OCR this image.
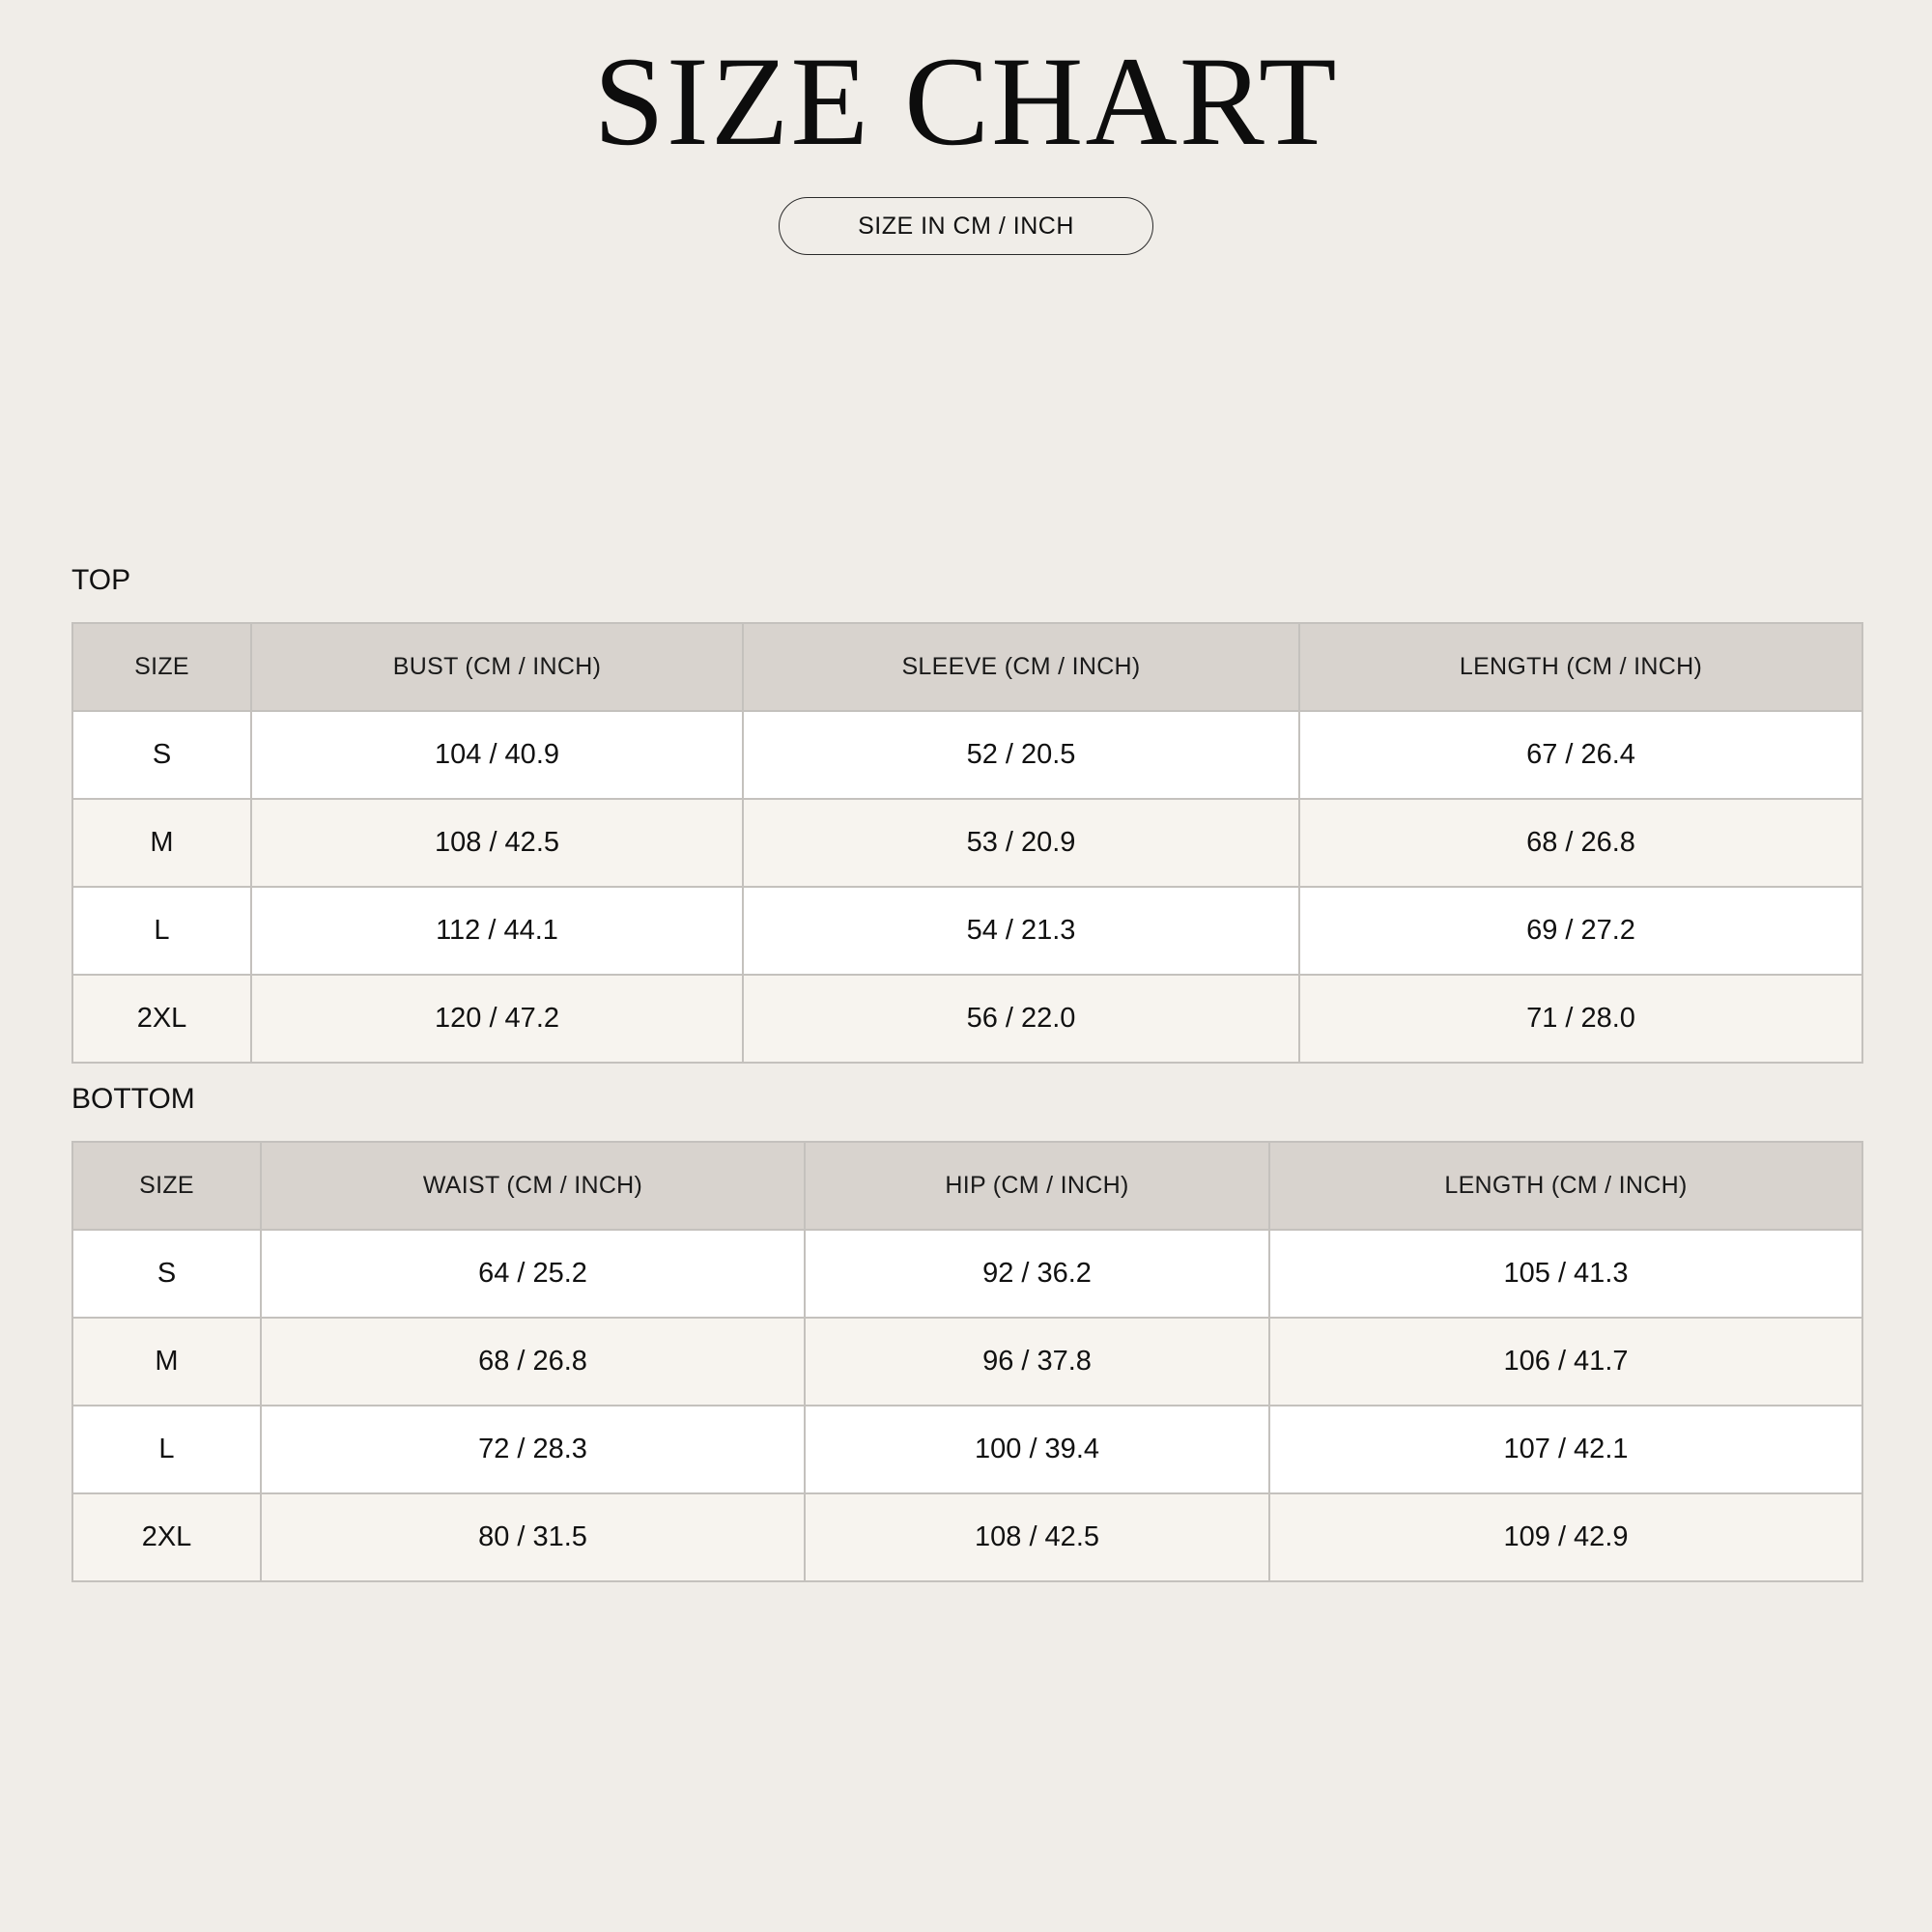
SIZE CHART
SIZE IN CM / INCH
TOP
SIZE	BUST (CM / INCH)	SLEEVE (CM / INCH)	LENGTH (CM / INCH)
S	104 / 40.9	52 / 20.5	67 / 26.4
M	108 / 42.5	53 / 20.9	68 / 26.8
L	112 / 44.1	54 / 21.3	69 / 27.2
2XL	120 / 47.2	56 / 22.0	71 / 28.0
BOTTOM
SIZE	WAIST (CM / INCH)	HIP (CM / INCH)	LENGTH (CM / INCH)
S	64 / 25.2	92 / 36.2	105 / 41.3
M	68 / 26.8	96 / 37.8	106 / 41.7
L	72 / 28.3	100 / 39.4	107 / 42.1
2XL	80 / 31.5	108 / 42.5	109 / 42.9
